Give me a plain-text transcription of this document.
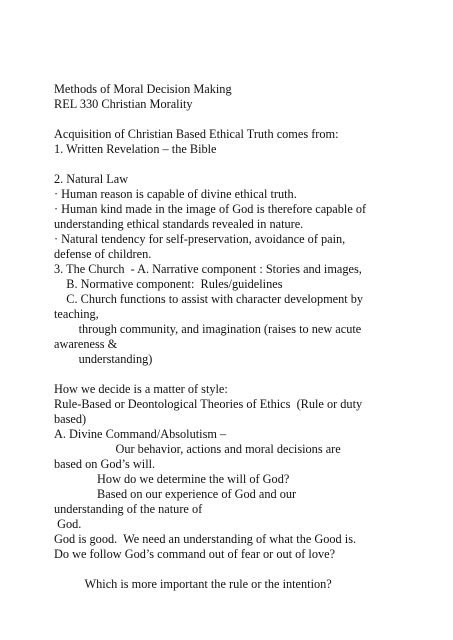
Methods of Moral Decision Making
REL 330 Christian Morality
Acquisition of Christian Based Ethical Truth comes from:
1. Written Revelation – the Bible
2. Natural Law
· Human reason is capable of divine ethical truth.
· Human kind made in the image of God is therefore capable of
understanding ethical standards revealed in nature.
· Natural tendency for self-preservation, avoidance of pain,
defense of children.
3. The Church  - A. Narrative component : Stories and images,
B. Normative component:  Rules/guidelines
C. Church functions to assist with character development by
teaching,
through community, and imagination (raises to new acute
awareness &
understanding)
How we decide is a matter of style:
Rule-Based or Deontological Theories of Ethics  (Rule or duty
based)
A. Divine Command/Absolutism –
Our behavior, actions and moral decisions are
based on God’s will.
How do we determine the will of God?
Based on our experience of God and our
understanding of the nature of
God.
God is good.  We need an understanding of what the Good is.
Do we follow God’s command out of fear or out of love?
Which is more important the rule or the intention?
